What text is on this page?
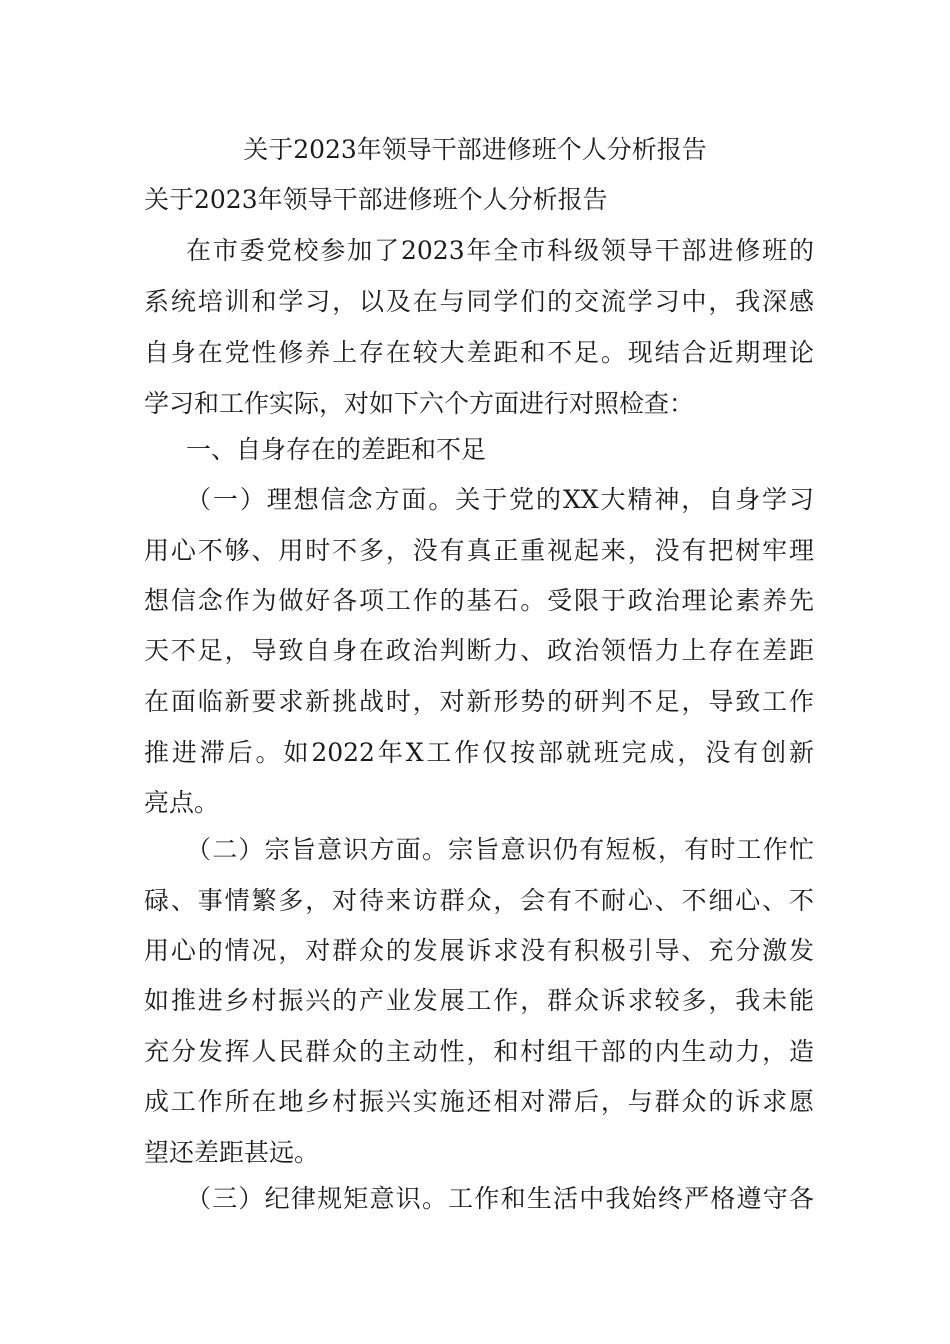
关于2023年领导干部进修班个人分析报告
关于2023年领导干部进修班个人分析报告
在市委党校参加了2023年全市科级领导干部进修班的
系统培训和学习，以及在与同学们的交流学习中，我深感
自身在党性修养上存在较大差距和不足。现结合近期理论
学习和工作实际，对如下六个方面进行对照检查：
一、自身存在的差距和不足
（一）理想信念方面。关于党的XX大精神，自身学习
用心不够、用时不多，没有真正重视起来，没有把树牢理
想信念作为做好各项工作的基石。受限于政治理论素养先
天不足，导致自身在政治判断力、政治领悟力上存在差距
在面临新要求新挑战时，对新形势的研判不足，导致工作
推进滞后。如2022年X工作仅按部就班完成，没有创新
亮点。
（二）宗旨意识方面。宗旨意识仍有短板，有时工作忙
碌、事情繁多，对待来访群众，会有不耐心、不细心、不
用心的情况，对群众的发展诉求没有积极引导、充分激发
如推进乡村振兴的产业发展工作，群众诉求较多，我未能
充分发挥人民群众的主动性，和村组干部的内生动力，造
成工作所在地乡村振兴实施还相对滞后，与群众的诉求愿
望还差距甚远。
（三）纪律规矩意识。工作和生活中我始终严格遵守各
